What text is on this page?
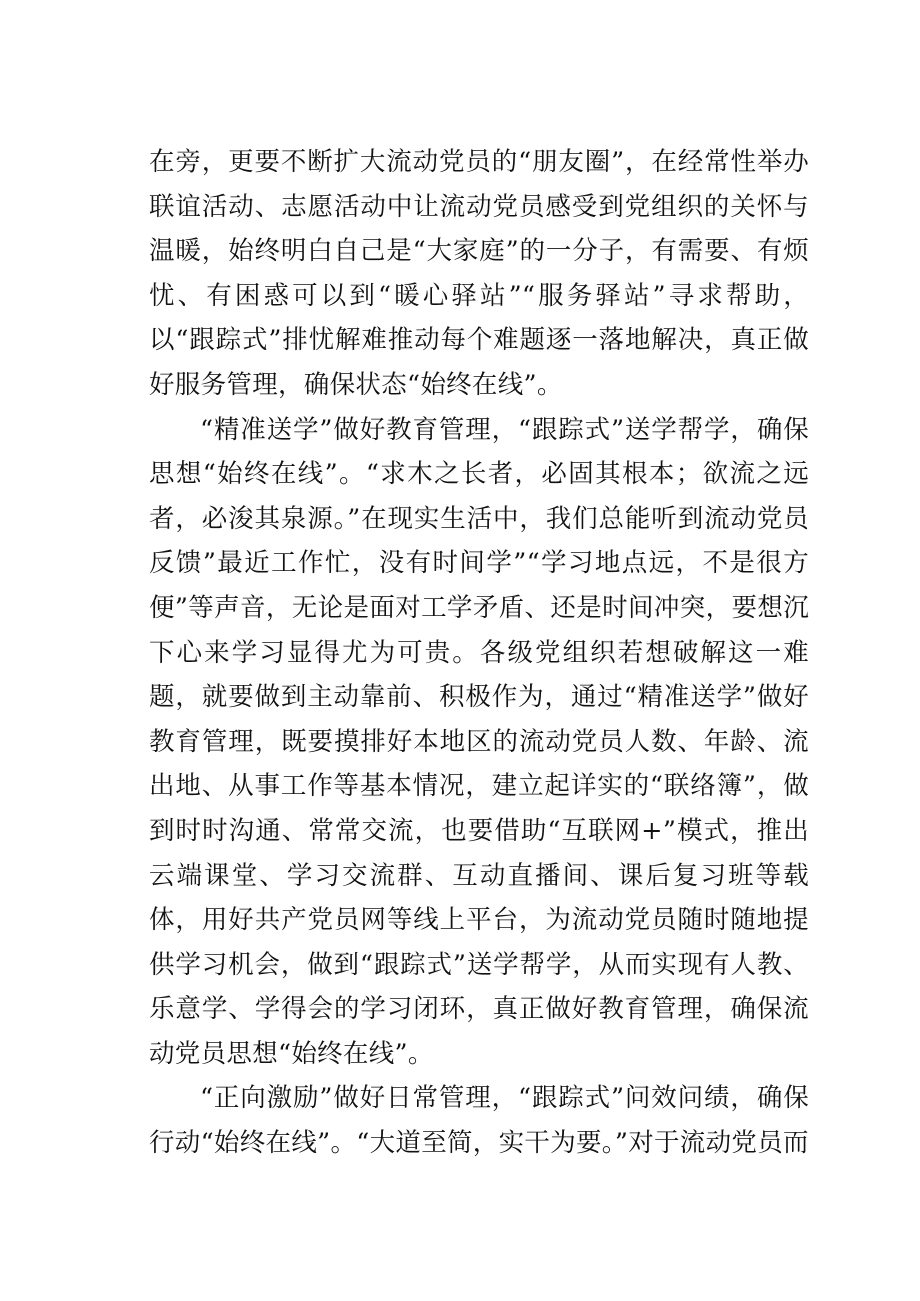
在旁，更要不断扩大流动党员的“朋友圈”，在经常性举办联谊活动、志愿活动中让流动党员感受到党组织的关怀与温暖，始终明白自己是“大家庭”的一分子，有需要、有烦忧、有困惑可以到“暖心驿站”“服务驿站”寻求帮助，以“跟踪式”排忧解难推动每个难题逐一落地解决，真正做好服务管理，确保状态“始终在线”。

“精准送学”做好教育管理，“跟踪式”送学帮学，确保思想“始终在线”。“求木之长者，必固其根本；欲流之远者，必浚其泉源。”在现实生活中，我们总能听到流动党员反馈”最近工作忙，没有时间学”“学习地点远，不是很方便”等声音，无论是面对工学矛盾、还是时间冲突，要想沉下心来学习显得尤为可贵。各级党组织若想破解这一难题，就要做到主动靠前、积极作为，通过“精准送学”做好教育管理，既要摸排好本地区的流动党员人数、年龄、流出地、从事工作等基本情况，建立起详实的“联络簿”，做到时时沟通、常常交流，也要借助“互联网+”模式，推出云端课堂、学习交流群、互动直播间、课后复习班等载体，用好共产党员网等线上平台，为流动党员随时随地提供学习机会，做到“跟踪式”送学帮学，从而实现有人教、乐意学、学得会的学习闭环，真正做好教育管理，确保流动党员思想“始终在线”。

“正向激励”做好日常管理，“跟踪式”问效问绩，确保行动“始终在线”。“大道至简，实干为要。”对于流动党员而
